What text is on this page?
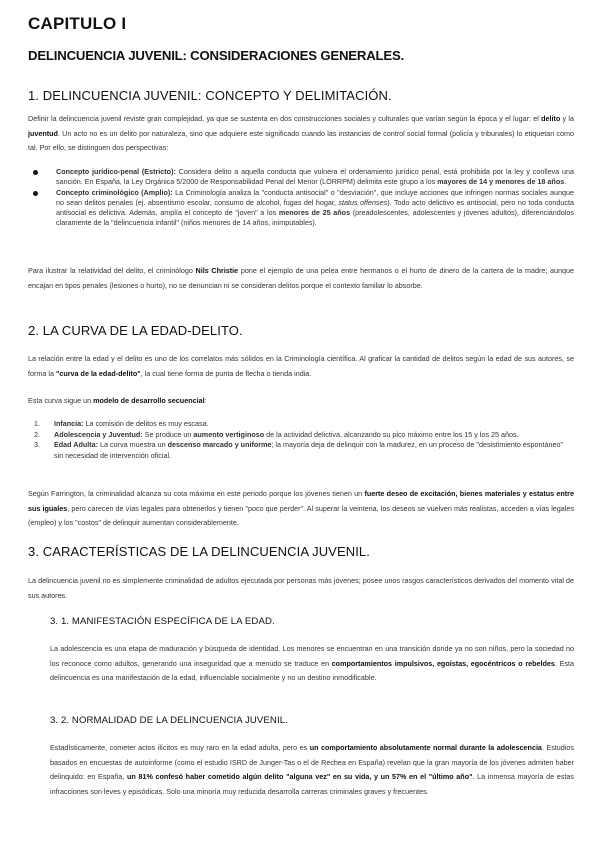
CAPITULO I
DELINCUENCIA JUVENIL: CONSIDERACIONES GENERALES.
1. DELINCUENCIA JUVENIL: CONCEPTO Y DELIMITACIÓN.

Definir la delincuencia juvenil reviste gran complejidad, ya que se sustenta en dos construcciones sociales y culturales que varían según la época y el lugar: el delito y la juventud. Un acto no es un delito por naturaleza, sino que adquiere este significado cuando las instancias de control social formal (policía y tribunales) lo etiquetan como tal. Por ello, se distinguen dos perspectivas:

Concepto jurídico-penal (Estricto): Considera delito a aquella conducta que vulnera el ordenamiento jurídico penal, está prohibida por la ley y conlleva una sanción. En España, la Ley Orgánica 5/2000 de Responsabilidad Penal del Menor (LORRPM) delimita este grupo a los mayores de 14 y menores de 18 años.
Concepto criminológico (Amplio): La Criminología analiza la "conducta antisocial" o "desviación", que incluye acciones que infringen normas sociales aunque no sean delitos penales (ej. absentismo escolar, consumo de alcohol, fugas del hogar, status offenses). Todo acto delictivo es antisocial, pero no toda conducta antisocial es delictiva. Además, amplía el concepto de "joven" a los menores de 25 años (preadolescentes, adolescentes y jóvenes adultos), diferenciándolos claramente de la "delincuencia infantil" (niños menores de 14 años, inimputables).

Para ilustrar la relatividad del delito, el criminólogo Nils Christie pone el ejemplo de una pelea entre hermanos o el hurto de dinero de la cartera de la madre; aunque encajan en tipos penales (lesiones o hurto), no se denuncian ni se consideran delitos porque el contexto familiar lo absorbe.

2. LA CURVA DE LA EDAD-DELITO.

La relación entre la edad y el delito es uno de los correlatos más sólidos en la Criminología científica. Al graficar la cantidad de delitos según la edad de sus autores, se forma la "curva de la edad-delito", la cual tiene forma de punta de flecha o tienda india.

Esta curva sigue un modelo de desarrollo secuencial:

1. Infancia: La comisión de delitos es muy escasa.
2. Adolescencia y Juventud: Se produce un aumento vertiginoso de la actividad delictiva, alcanzando su pico máximo entre los 15 y los 25 años.
3. Edad Adulta: La curva muestra un descenso marcado y uniforme; la mayoría deja de delinquir con la madurez, en un proceso de "desistimiento espontáneo" sin necesidad de intervención oficial.

Según Farrington, la criminalidad alcanza su cota máxima en este periodo porque los jóvenes tienen un fuerte deseo de excitación, bienes materiales y estatus entre sus iguales, pero carecen de vías legales para obtenerlos y tienen "poco que perder". Al superar la veintena, los deseos se vuelven más realistas, acceden a vías legales (empleo) y los "costos" de delinquir aumentan considerablemente.

3. CARACTERÍSTICAS DE LA DELINCUENCIA JUVENIL.

La delincuencia juvenil no es simplemente criminalidad de adultos ejecutada por personas más jóvenes; posee unos rasgos característicos derivados del momento vital de sus autores.

3. 1. MANIFESTACIÓN ESPECÍFICA DE LA EDAD.

La adolescencia es una etapa de maduración y búsqueda de identidad. Los menores se encuentran en una transición donde ya no son niños, pero la sociedad no los reconoce como adultos, generando una inseguridad que a menudo se traduce en comportamientos impulsivos, egoístas, egocéntricos o rebeldes. Esta delincuencia es una manifestación de la edad, influenciable socialmente y no un destino inmodificable.

3. 2. NORMALIDAD DE LA DELINCUENCIA JUVENIL.

Estadísticamente, cometer actos ilícitos es muy raro en la edad adulta, pero es un comportamiento absolutamente normal durante la adolescencia. Estudios basados en encuestas de autoinforme (como el estudio ISRD de Junger-Tas o el de Rechea en España) revelan que la gran mayoría de los jóvenes admiten haber delinquido: en España, un 81% confesó haber cometido algún delito "alguna vez" en su vida, y un 57% en el "último año". La inmensa mayoría de estas infracciones son leves y episódicas. Solo una minoría muy reducida desarrolla carreras criminales graves y frecuentes.
